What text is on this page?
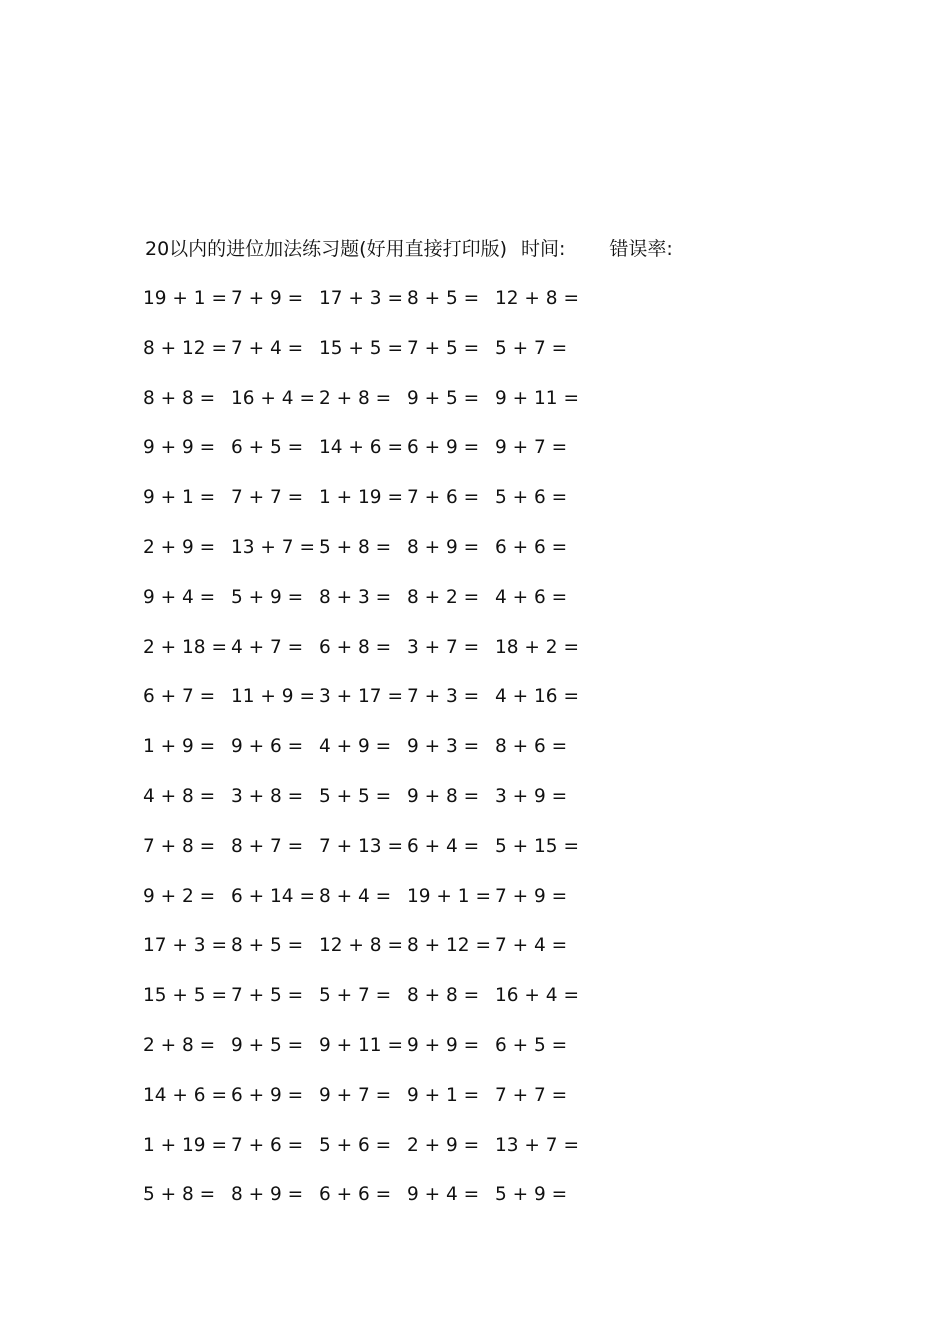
20以内的进位加法练习题(好用直接打印版) 时间: 错误率:
19 + 1 = 7 + 9 = 17 + 3 = 8 + 5 = 12 + 8 =
8 + 12 = 7 + 4 = 15 + 5 = 7 + 5 = 5 + 7 =
8 + 8 = 16 + 4 = 2 + 8 = 9 + 5 = 9 + 11 =
9 + 9 = 6 + 5 = 14 + 6 = 6 + 9 = 9 + 7 =
9 + 1 = 7 + 7 = 1 + 19 = 7 + 6 = 5 + 6 =
2 + 9 = 13 + 7 = 5 + 8 = 8 + 9 = 6 + 6 =
9 + 4 = 5 + 9 = 8 + 3 = 8 + 2 = 4 + 6 =
2 + 18 = 4 + 7 = 6 + 8 = 3 + 7 = 18 + 2 =
6 + 7 = 11 + 9 = 3 + 17 = 7 + 3 = 4 + 16 =
1 + 9 = 9 + 6 = 4 + 9 = 9 + 3 = 8 + 6 =
4 + 8 = 3 + 8 = 5 + 5 = 9 + 8 = 3 + 9 =
7 + 8 = 8 + 7 = 7 + 13 = 6 + 4 = 5 + 15 =
9 + 2 = 6 + 14 = 8 + 4 = 19 + 1 = 7 + 9 =
17 + 3 = 8 + 5 = 12 + 8 = 8 + 12 = 7 + 4 =
15 + 5 = 7 + 5 = 5 + 7 = 8 + 8 = 16 + 4 =
2 + 8 = 9 + 5 = 9 + 11 = 9 + 9 = 6 + 5 =
14 + 6 = 6 + 9 = 9 + 7 = 9 + 1 = 7 + 7 =
1 + 19 = 7 + 6 = 5 + 6 = 2 + 9 = 13 + 7 =
5 + 8 = 8 + 9 = 6 + 6 = 9 + 4 = 5 + 9 =
